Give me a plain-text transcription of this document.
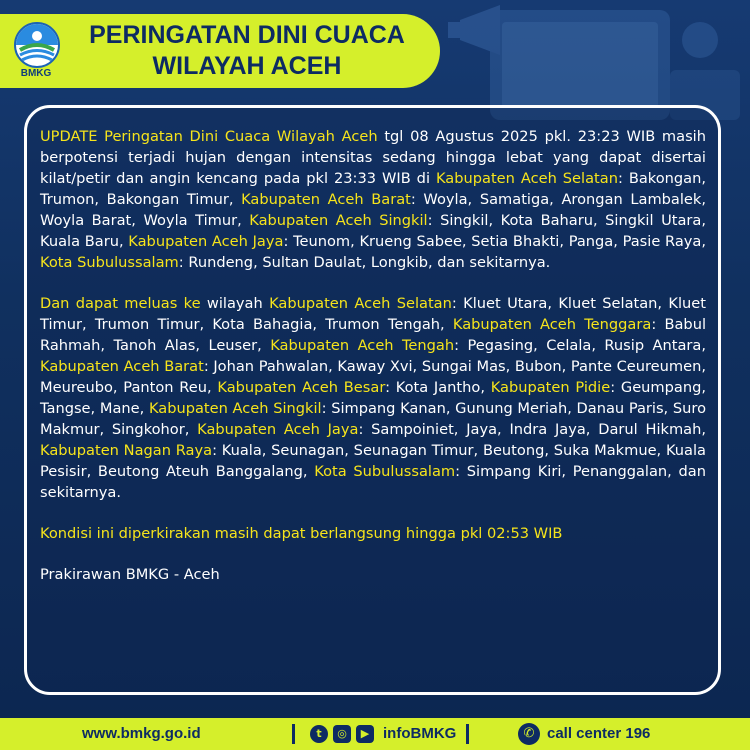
BMKG
PERINGATAN DINI CUACA
WILAYAH ACEH

UPDATE Peringatan Dini Cuaca Wilayah Aceh tgl 08 Agustus 2025 pkl. 23:23 WIB masih berpotensi terjadi hujan dengan intensitas sedang hingga lebat yang dapat disertai kilat/petir dan angin kencang pada pkl 23:33 WIB di Kabupaten Aceh Selatan: Bakongan, Trumon, Bakongan Timur, Kabupaten Aceh Barat: Woyla, Samatiga, Arongan Lambalek, Woyla Barat, Woyla Timur, Kabupaten Aceh Singkil: Singkil, Kota Baharu, Singkil Utara, Kuala Baru, Kabupaten Aceh Jaya: Teunom, Krueng Sabee, Setia Bhakti, Panga, Pasie Raya, Kota Subulussalam: Rundeng, Sultan Daulat, Longkib, dan sekitarnya.

Dan dapat meluas ke wilayah Kabupaten Aceh Selatan: Kluet Utara, Kluet Selatan, Kluet Timur, Trumon Timur, Kota Bahagia, Trumon Tengah, Kabupaten Aceh Tenggara: Babul Rahmah, Tanoh Alas, Leuser, Kabupaten Aceh Tengah: Pegasing, Celala, Rusip Antara, Kabupaten Aceh Barat: Johan Pahwalan, Kaway Xvi, Sungai Mas, Bubon, Pante Ceureumen, Meureubo, Panton Reu, Kabupaten Aceh Besar: Kota Jantho, Kabupaten Pidie: Geumpang, Tangse, Mane, Kabupaten Aceh Singkil: Simpang Kanan, Gunung Meriah, Danau Paris, Suro Makmur, Singkohor, Kabupaten Aceh Jaya: Sampoiniet, Jaya, Indra Jaya, Darul Hikmah, Kabupaten Nagan Raya: Kuala, Seunagan, Seunagan Timur, Beutong, Suka Makmue, Kuala Pesisir, Beutong Ateuh Banggalang, Kota Subulussalam: Simpang Kiri, Penanggalan, dan sekitarnya.

Kondisi ini diperkirakan masih dapat berlangsung hingga pkl 02:53 WIB

Prakirawan BMKG - Aceh

www.bmkg.go.id	t	◎	▶ infoBMKG	✆ call center 196
